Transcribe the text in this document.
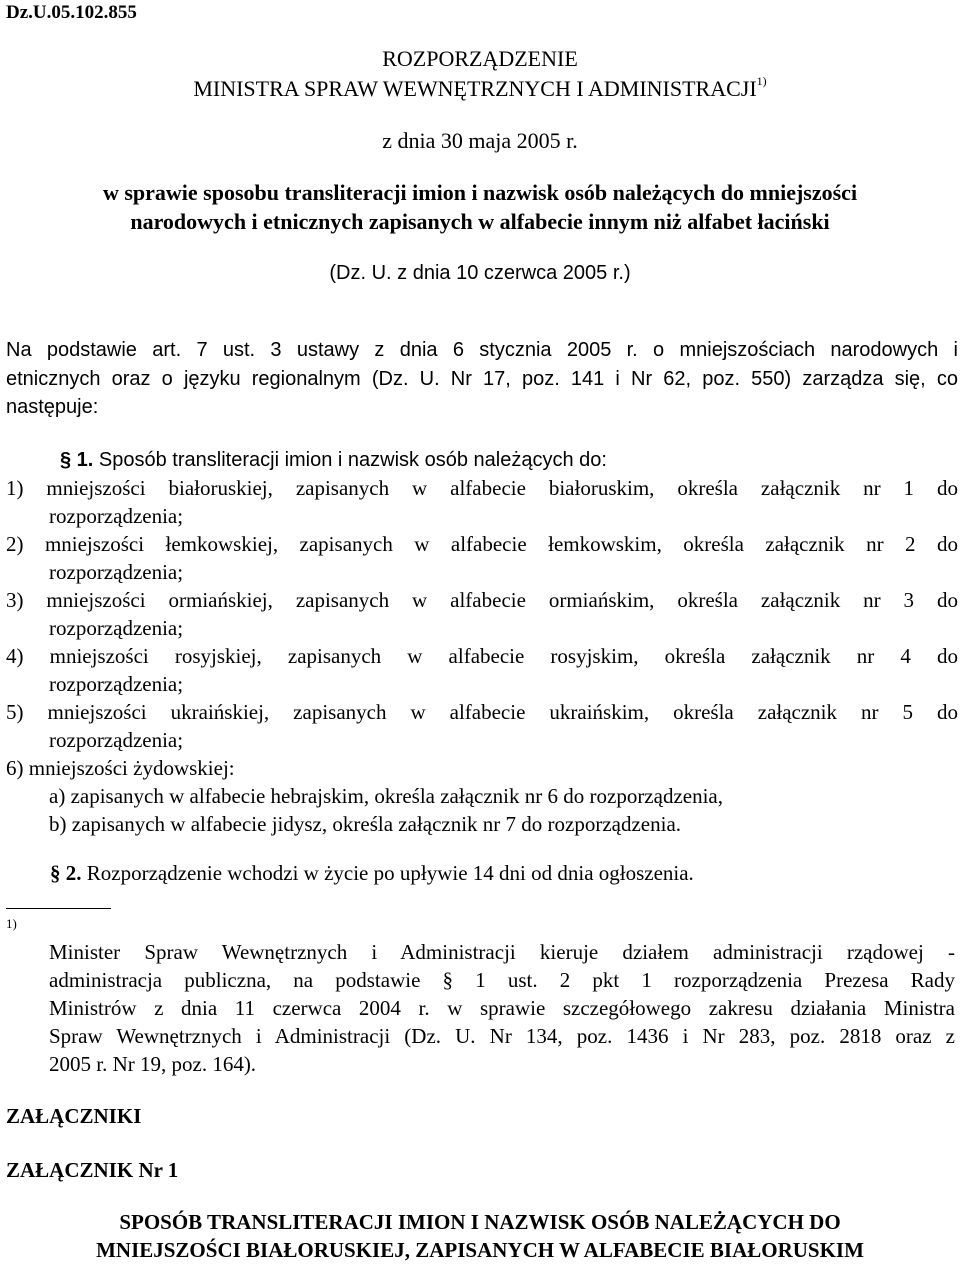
Dz.U.05.102.855
ROZPORZĄDZENIE
MINISTRA SPRAW WEWNĘTRZNYCH I ADMINISTRACJI$^{1)}$
z dnia 30 maja 2005 r.
w sprawie sposobu transliteracji imion i nazwisk osób należących do mniejszości
narodowych i etnicznych zapisanych w alfabecie innym niż alfabet łaciński
(Dz. U. z dnia 10 czerwca 2005 r.)
Na podstawie art. 7 ust. 3 ustawy z dnia 6 stycznia 2005 r. o mniejszościach narodowych i
etnicznych oraz o języku regionalnym (Dz. U. Nr 17, poz. 141 i Nr 62, poz. 550) zarządza się, co
następuje:
§ 1. Sposób transliteracji imion i nazwisk osób należących do:
1) mniejszości białoruskiej, zapisanych w alfabecie białoruskim, określa załącznik nr 1 do
rozporządzenia;
2) mniejszości łemkowskiej, zapisanych w alfabecie łemkowskim, określa załącznik nr 2 do
rozporządzenia;
3) mniejszości ormiańskiej, zapisanych w alfabecie ormiańskim, określa załącznik nr 3 do
rozporządzenia;
4) mniejszości rosyjskiej, zapisanych w alfabecie rosyjskim, określa załącznik nr 4 do
rozporządzenia;
5) mniejszości ukraińskiej, zapisanych w alfabecie ukraińskim, określa załącznik nr 5 do
rozporządzenia;
6) mniejszości żydowskiej:
a) zapisanych w alfabecie hebrajskim, określa załącznik nr 6 do rozporządzenia,
b) zapisanych w alfabecie jidysz, określa załącznik nr 7 do rozporządzenia.
§ 2. Rozporządzenie wchodzi w życie po upływie 14 dni od dnia ogłoszenia.
1)
Minister Spraw Wewnętrznych i Administracji kieruje działem administracji rządowej -
administracja publiczna, na podstawie § 1 ust. 2 pkt 1 rozporządzenia Prezesa Rady
Ministrów z dnia 11 czerwca 2004 r. w sprawie szczegółowego zakresu działania Ministra
Spraw Wewnętrznych i Administracji (Dz. U. Nr 134, poz. 1436 i Nr 283, poz. 2818 oraz z
2005 r. Nr 19, poz. 164).
ZAŁĄCZNIKI
ZAŁĄCZNIK Nr 1
SPOSÓB TRANSLITERACJI IMION I NAZWISK OSÓB NALEŻĄCYCH DO
MNIEJSZOŚCI BIAŁORUSKIEJ, ZAPISANYCH W ALFABECIE BIAŁORUSKIM
